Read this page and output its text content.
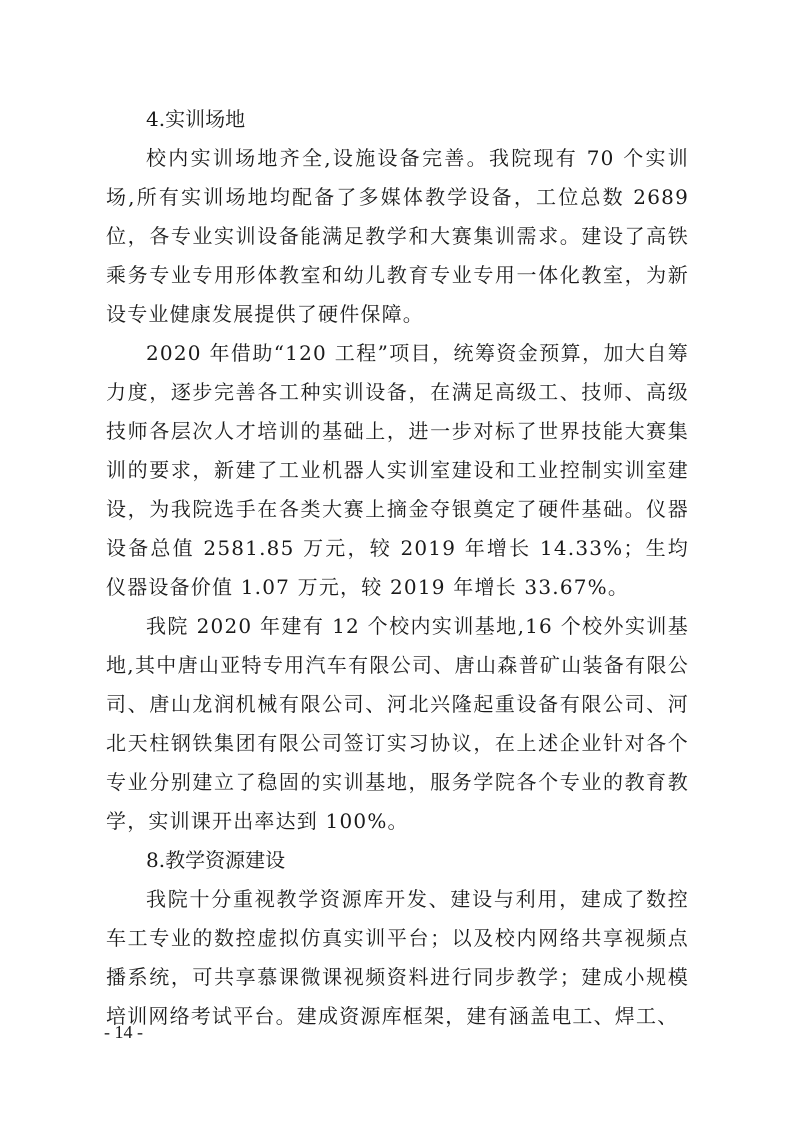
4.实训场地

校内实训场地齐全,设施设备完善。我院现有 70 个实训场,所有实训场地均配备了多媒体教学设备，工位总数 2689 位，各专业实训设备能满足教学和大赛集训需求。建设了高铁乘务专业专用形体教室和幼儿教育专业专用一体化教室，为新设专业健康发展提供了硬件保障。

2020 年借助“120 工程”项目，统筹资金预算，加大自筹力度，逐步完善各工种实训设备，在满足高级工、技师、高级技师各层次人才培训的基础上，进一步对标了世界技能大赛集训的要求，新建了工业机器人实训室建设和工业控制实训室建设，为我院选手在各类大赛上摘金夺银奠定了硬件基础。仪器设备总值 2581.85 万元，较 2019 年增长 14.33%；生均仪器设备价值 1.07 万元，较 2019 年增长 33.67%。

我院 2020 年建有 12 个校内实训基地,16 个校外实训基地,其中唐山亚特专用汽车有限公司、唐山森普矿山装备有限公司、唐山龙润机械有限公司、河北兴隆起重设备有限公司、河北天柱钢铁集团有限公司签订实习协议，在上述企业针对各个专业分别建立了稳固的实训基地，服务学院各个专业的教育教学，实训课开出率达到 100%。

8.教学资源建设

我院十分重视教学资源库开发、建设与利用，建成了数控车工专业的数控虚拟仿真实训平台；以及校内网络共享视频点播系统，可共享慕课微课视频资料进行同步教学；建成小规模培训网络考试平台。建成资源库框架，建有涵盖电工、焊工、

- 14 -
